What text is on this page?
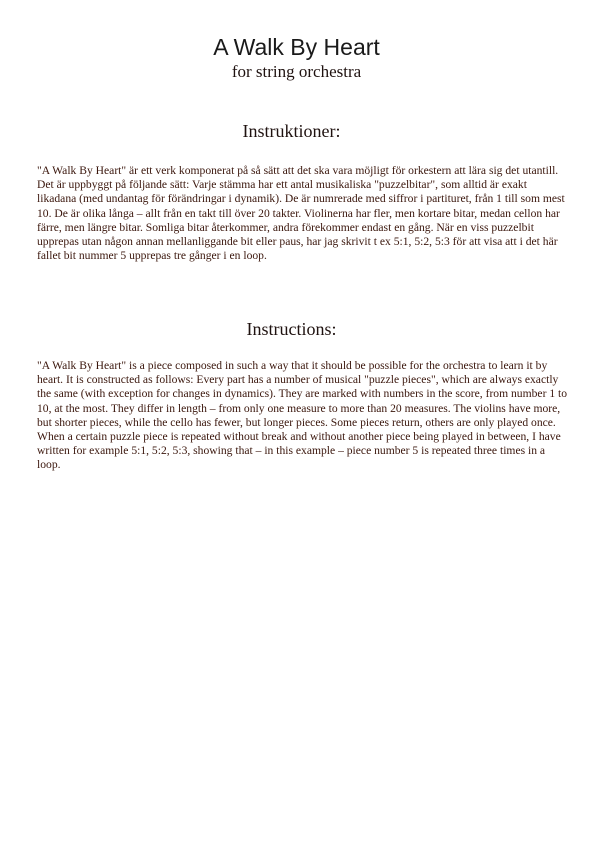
A Walk By Heart
for string orchestra
Instruktioner:
"A Walk By Heart" är ett verk komponerat på så sätt att det ska vara möjligt för orkestern att lära sig det utantill. Det är uppbyggt på följande sätt: Varje stämma har ett antal musikaliska "puzzelbitar", som alltid är exakt likadana (med undantag för förändringar i dynamik). De är numrerade med siffror i partituret, från 1 till som mest 10. De är olika långa – allt från en takt till över 20 takter. Violinerna har fler, men kortare bitar, medan cellon har färre, men längre bitar. Somliga bitar återkommer, andra förekommer endast en gång. När en viss puzzelbit upprepas utan någon annan mellanliggande bit eller paus, har jag skrivit t ex 5:1, 5:2, 5:3 för att visa att i det här fallet bit nummer 5 upprepas tre gånger i en loop.
Instructions:
"A Walk By Heart" is a piece composed in such a way that it should be possible for the orchestra to learn it by heart. It is constructed as follows: Every part has a number of musical "puzzle pieces", which are always exactly the same (with exception for changes in dynamics). They are marked with numbers in the score, from number 1 to 10, at the most. They differ in length – from only one measure to more than 20 measures. The violins have more, but shorter pieces, while the cello has fewer, but longer pieces. Some pieces return, others are only played once. When a certain puzzle piece is repeated without break and without another piece being played in between, I have written for example 5:1, 5:2, 5:3, showing that – in this example – piece number 5 is repeated three times in a loop.
